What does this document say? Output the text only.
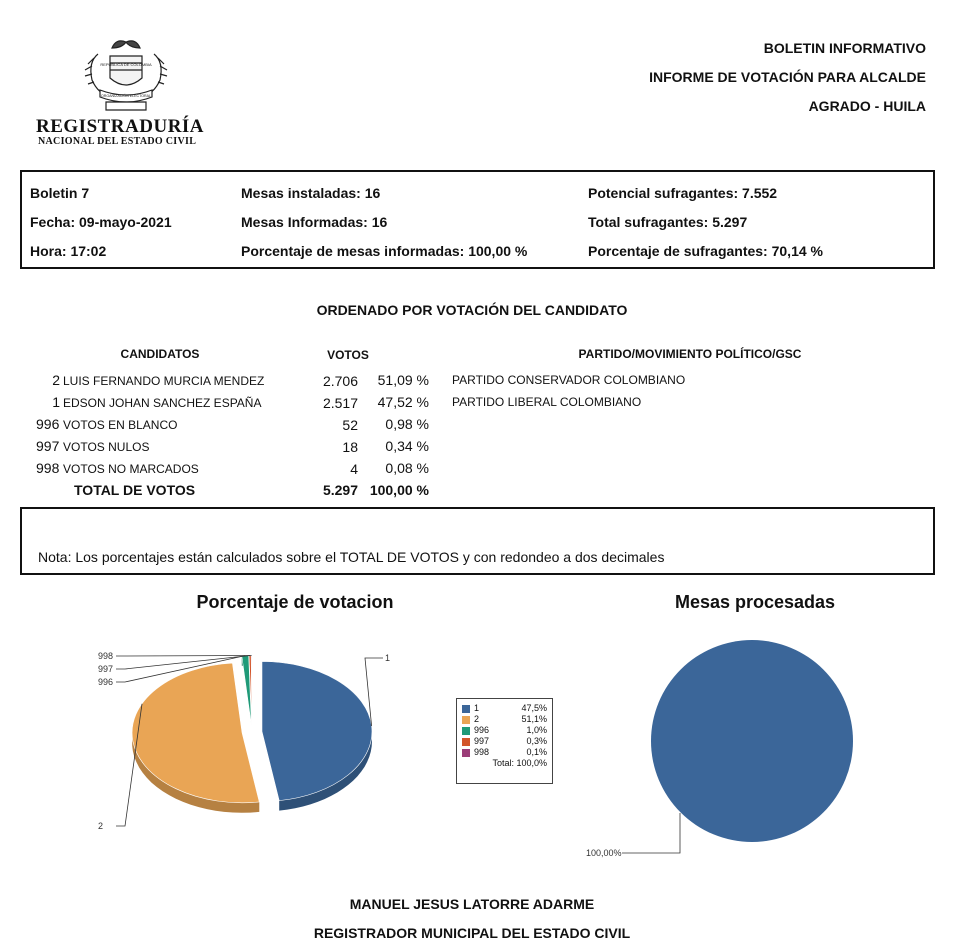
REPÚBLICA DE COLOMBIA
ORGANIZACIÓN ELECTORAL
REGISTRADURÍA
NACIONAL DEL ESTADO CIVIL
BOLETIN INFORMATIVO
INFORME DE VOTACIÓN PARA ALCALDE
AGRADO - HUILA
Boletin 7
Fecha: 09-mayo-2021
Hora: 17:02
Mesas instaladas: 16
Mesas Informadas: 16
Porcentaje de mesas informadas: 100,00 %
Potencial sufragantes: 7.552
Total sufragantes: 5.297
Porcentaje de sufragantes: 70,14 %
ORDENADO POR VOTACIÓN DEL CANDIDATO
CANDIDATOS	VOTOS	PARTIDO/MOVIMIENTO POLÍTICO/GSC
2 LUIS FERNANDO MURCIA MENDEZ	2.706	51,09 % PARTIDO CONSERVADOR COLOMBIANO
1 EDSON JOHAN SANCHEZ ESPAÑA	2.517	47,52 % PARTIDO LIBERAL COLOMBIANO
996 VOTOS EN BLANCO	52	0,98 %
997 VOTOS NULOS	18	0,34 %
998 VOTOS NO MARCADOS	4	0,08 %
TOTAL DE VOTOS	5.297 100,00 %
Nota: Los porcentajes están calculados sobre el TOTAL DE VOTOS y con redondeo a dos decimales
Porcentaje de votacion	Mesas procesadas
1
2
996
997
998
1	47,5%
2	51,1%
996	1,0%
997	0,3%
998	0,1%
Total: 100,0%
100,00%
MANUEL JESUS LATORRE ADARME
REGISTRADOR MUNICIPAL DEL ESTADO CIVIL
